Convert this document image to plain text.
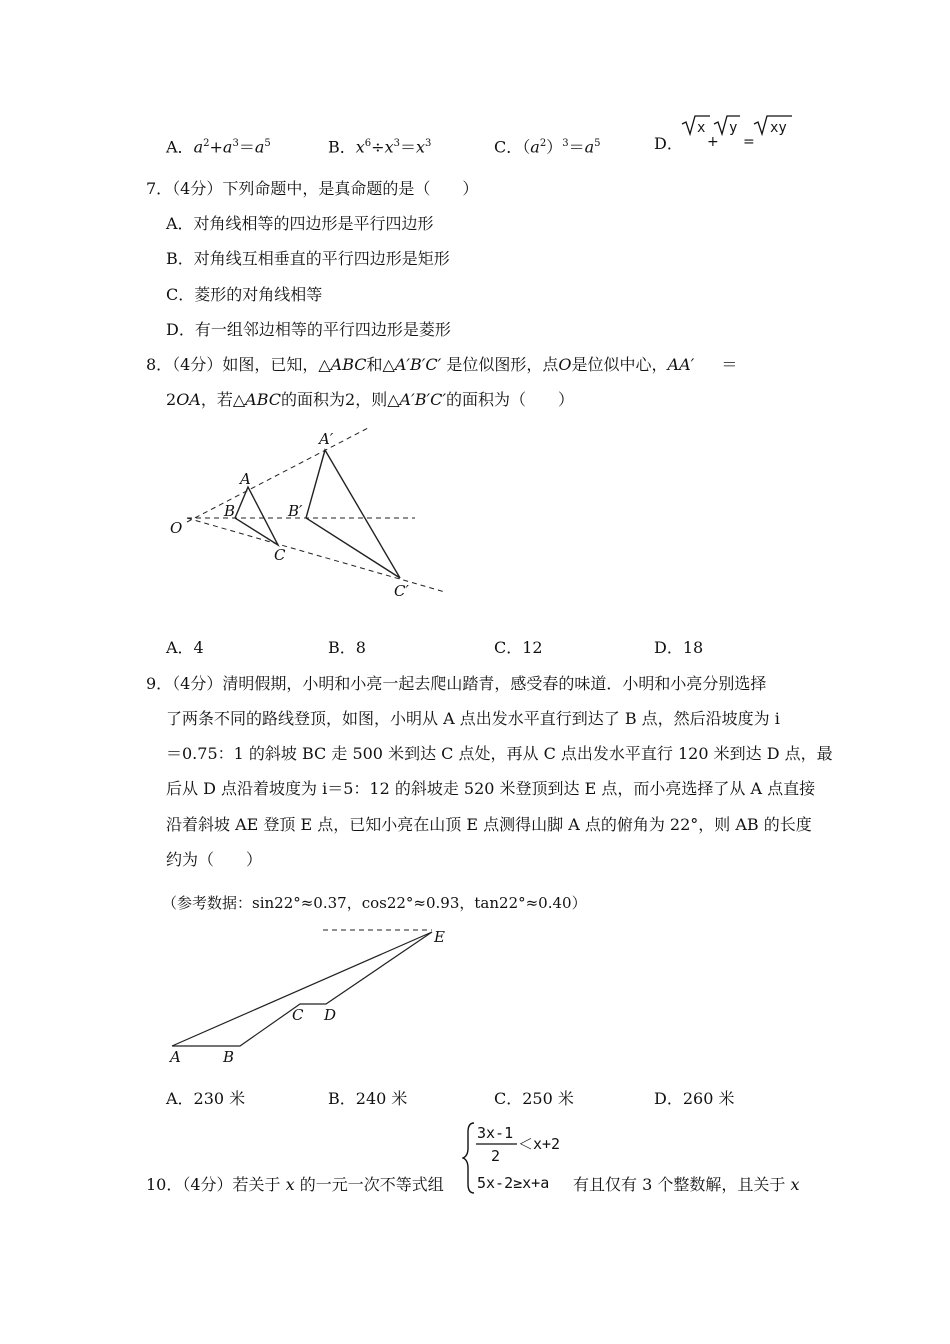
A．$a^2+a^3=a^5$	B．$x^6\div x^3=x^3$	C．$(a^2)^3=a^5$	D．
x
+
y
=
xy
7．（4分）下列命题中，是真命题的是（　　）
A．对角线相等的四边形是平行四边形
B．对角线互相垂直的平行四边形是矩形
C．菱形的对角线相等
D．有一组邻边相等的平行四边形是菱形
8．（4分）如图，已知，△ABC和△A′B′C′ 是位似图形，点O是位似中心，AA′ ＝
2OA，若△ABC的面积为2，则△A′B′C′的面积为（　　）
O
A
B
C
A′
B′
C′
A．4	B．8	C．12	D．18
9．（4分）清明假期，小明和小亮一起去爬山踏青，感受春的味道．小明和小亮分别选择
了两条不同的路线登顶，如图，小明从 A 点出发水平直行到达了 B 点，然后沿坡度为 i
＝0.75：1 的斜坡 BC 走 500 米到达 C 点处，再从 C 点出发水平直行 120 米到达 D 点，最
后从 D 点沿着坡度为 i＝5：12 的斜坡走 520 米登顶到达 E 点，而小亮选择了从 A 点直接
沿着斜坡 AE 登顶 E 点，已知小亮在山顶 E 点测得山脚 A 点的俯角为 22°，则 AB 的长度
约为（　　）
（参考数据：sin22°≈0.37，cos22°≈0.93，tan22°≈0.40）
A	B
C D
E
A．230 米	B．240 米	C．250 米	D．260 米
3x-1
2
＜x+2
5x-2≥x+a
10．（4分）若关于 x 的一元一次不等式组	有且仅有 3 个整数解，且关于 x
